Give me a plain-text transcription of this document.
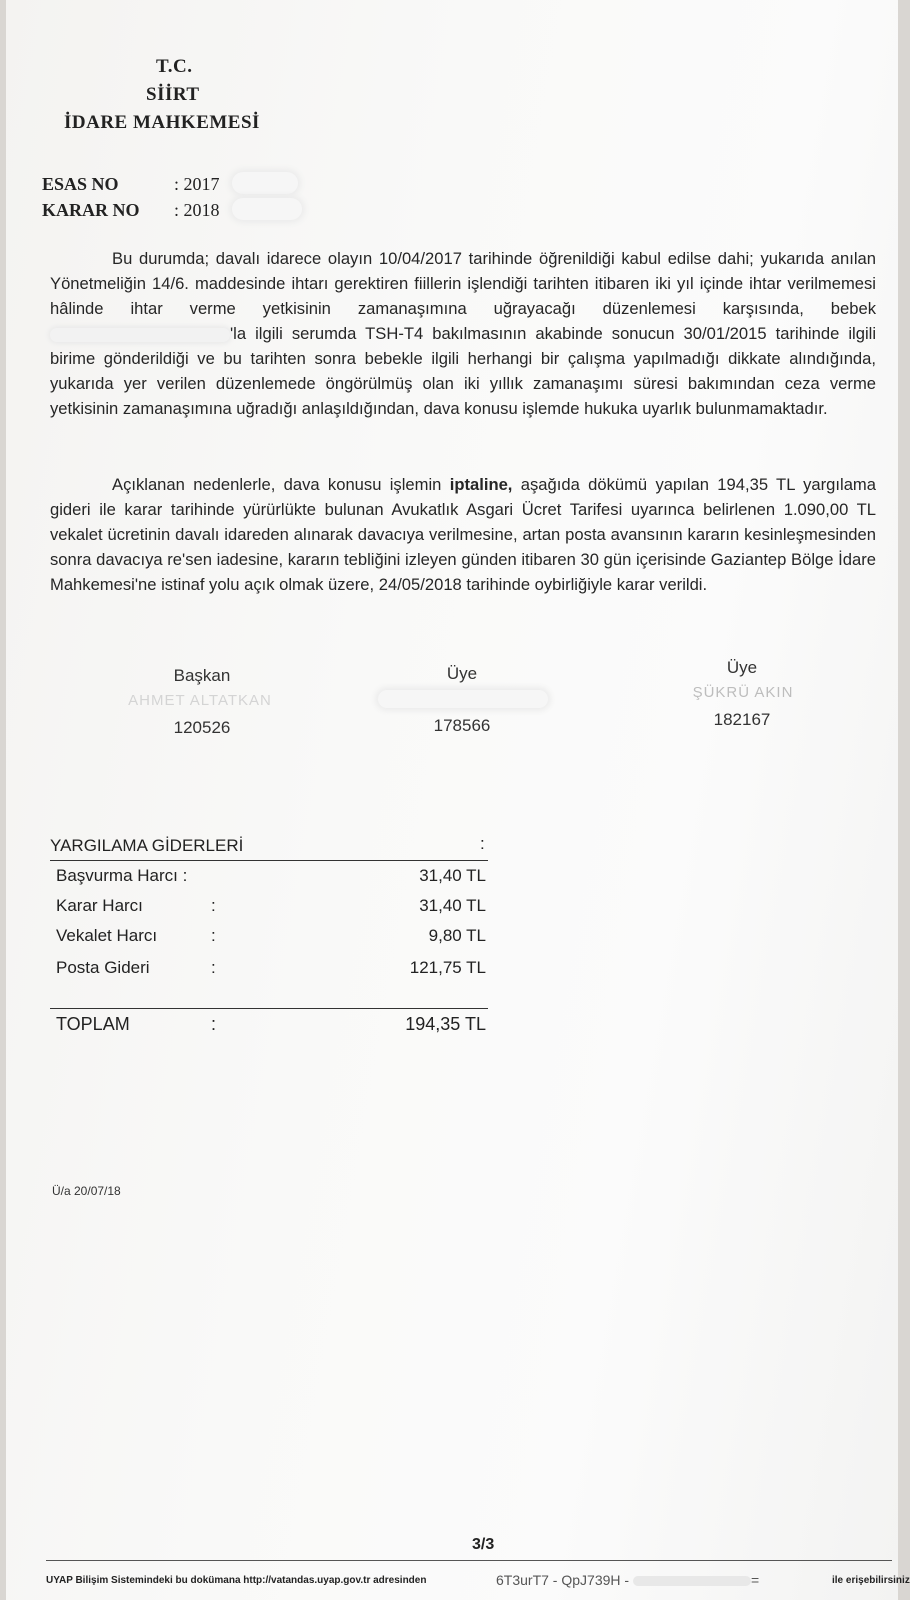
T.C.
SİİRT
İDARE MAHKEMESİ
ESAS NO	: 2017
KARAR NO : 2018
Bu durumda; davalı idarece olayın 10/04/2017 tarihinde öğrenildiği kabul edilse dahi; yukarıda anılan Yönetmeliğin 14/6. maddesinde ihtarı gerektiren fiillerin işlendiği tarihten itibaren iki yıl içinde ihtar verilmemesi hâlinde ihtar verme yetkisinin zamanaşımına uğrayacağı düzenlemesi karşısında, bebek 'la ilgili serumda TSH-T4 bakılmasının akabinde sonucun 30/01/2015 tarihinde ilgili birime gönderildiği ve bu tarihten sonra bebekle ilgili herhangi bir çalışma yapılmadığı dikkate alındığında, yukarıda yer verilen düzenlemede öngörülmüş olan iki yıllık zamanaşımı süresi bakımından ceza verme yetkisinin zamanaşımına uğradığı anlaşıldığından, dava konusu işlemde hukuka uyarlık bulunmamaktadır.
Açıklanan nedenlerle, dava konusu işlemin iptaline, aşağıda dökümü yapılan 194,35 TL yargılama gideri ile karar tarihinde yürürlükte bulunan Avukatlık Asgari Ücret Tarifesi uyarınca belirlenen 1.090,00 TL vekalet ücretinin davalı idareden alınarak davacıya verilmesine, artan posta avansının kararın kesinleşmesinden sonra davacıya re'sen iadesine, kararın tebliğini izleyen günden itibaren 30 gün içerisinde Gaziantep Bölge İdare Mahkemesi'ne istinaf yolu açık olmak üzere, 24/05/2018 tarihinde oybirliğiyle karar verildi.
Başkan
AHMET ALTATKAN
120526
Üye
178566
Üye
ŞÜKRÜ AKIN
182167
YARGILAMA GİDERLERİ	:
Başvurma Harcı :	31,40 TL
Karar Harcı	:	31,40 TL
Vekalet Harcı	:	9,80 TL
Posta Gideri	:	121,75 TL
TOPLAM	:	194,35 TL
Ü/a 20/07/18
3/3
UYAP Bilişim Sistemindeki bu dokümana http://vatandas.uyap.gov.tr adresinden	6T3urT7 - QpJ739H -	=	ile erişebilirsiniz
